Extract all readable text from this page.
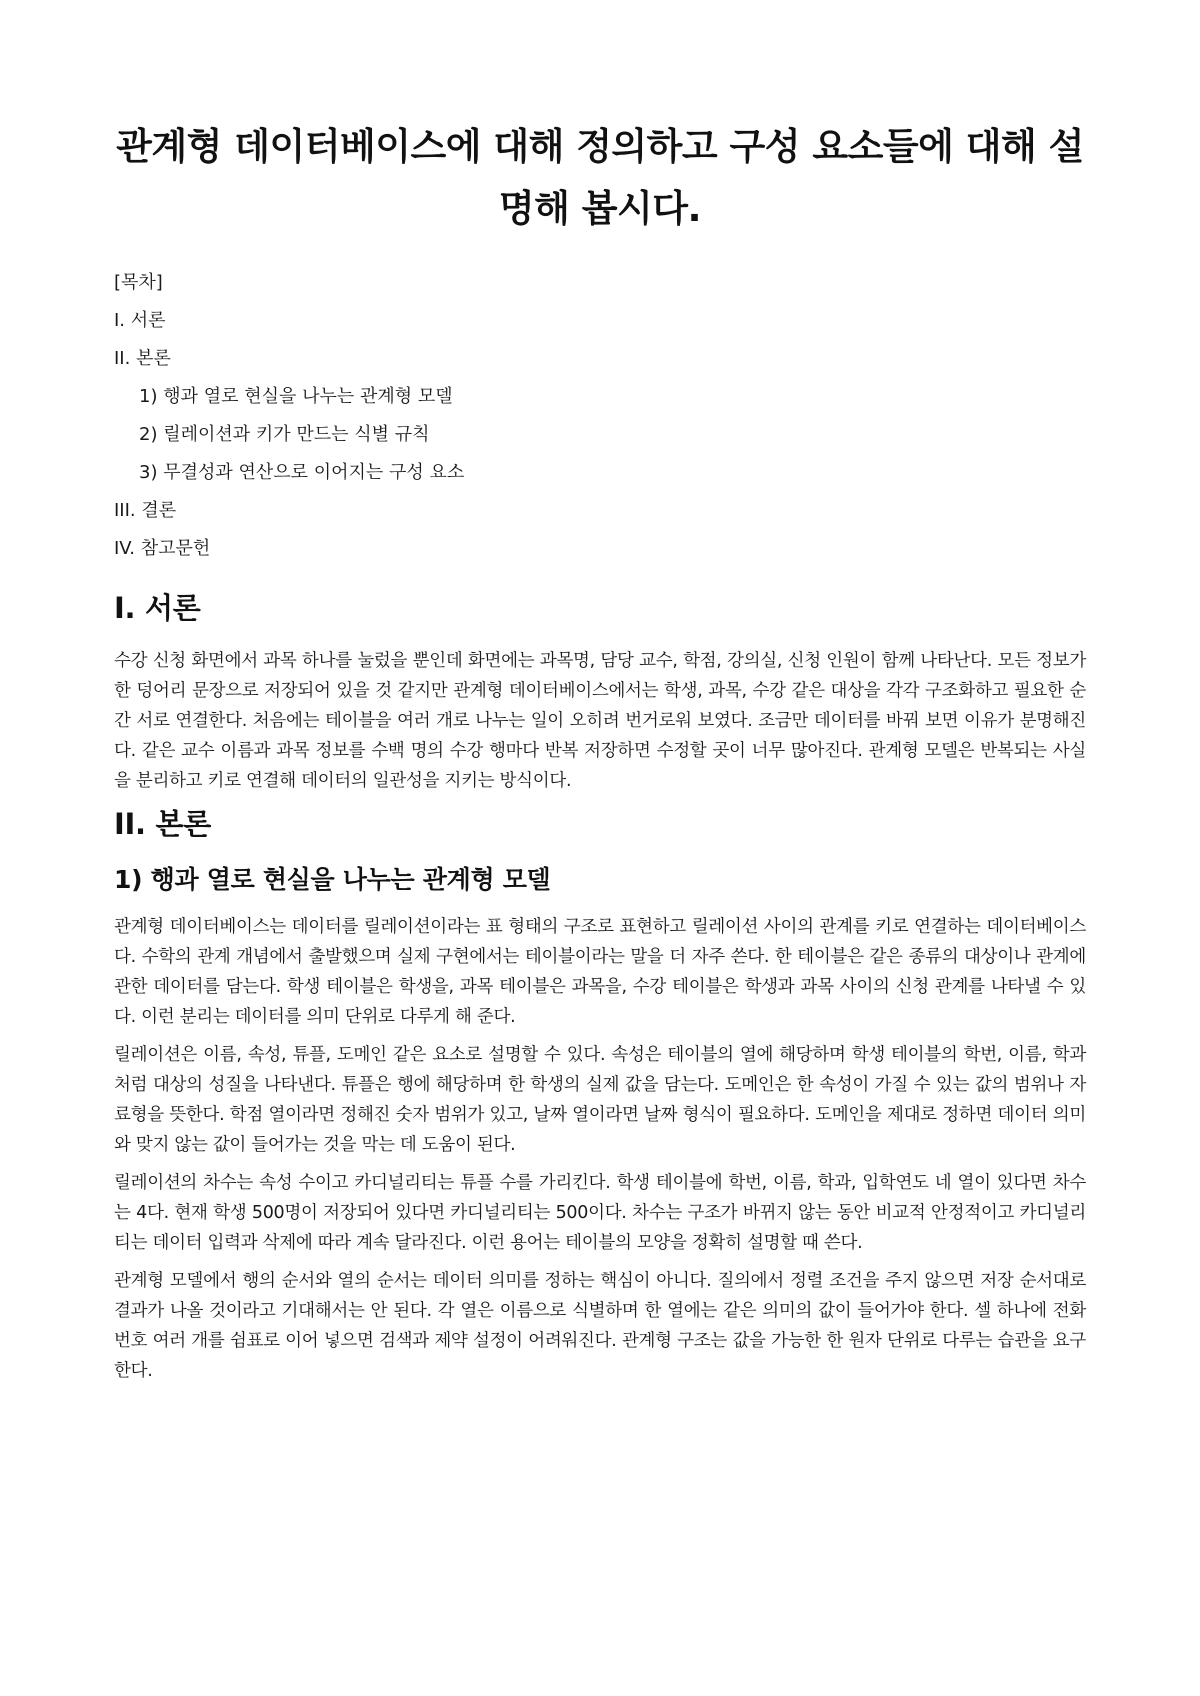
관계형 데이터베이스에 대해 정의하고 구성 요소들에 대해 설명해 봅시다.
[목차]
I. 서론
II. 본론
1) 행과 열로 현실을 나누는 관계형 모델
2) 릴레이션과 키가 만드는 식별 규칙
3) 무결성과 연산으로 이어지는 구성 요소
III. 결론
IV. 참고문헌
I. 서론

수강 신청 화면에서 과목 하나를 눌렀을 뿐인데 화면에는 과목명, 담당 교수, 학점, 강의실, 신청 인원이 함께 나타난다. 모든 정보가 한 덩어리 문장으로 저장되어 있을 것 같지만 관계형 데이터베이스에서는 학생, 과목, 수강 같은 대상을 각각 구조화하고 필요한 순간 서로 연결한다. 처음에는 테이블을 여러 개로 나누는 일이 오히려 번거로워 보였다. 조금만 데이터를 바꿔 보면 이유가 분명해진다. 같은 교수 이름과 과목 정보를 수백 명의 수강 행마다 반복 저장하면 수정할 곳이 너무 많아진다. 관계형 모델은 반복되는 사실을 분리하고 키로 연결해 데이터의 일관성을 지키는 방식이다.

II. 본론
1) 행과 열로 현실을 나누는 관계형 모델

관계형 데이터베이스는 데이터를 릴레이션이라는 표 형태의 구조로 표현하고 릴레이션 사이의 관계를 키로 연결하는 데이터베이스다. 수학의 관계 개념에서 출발했으며 실제 구현에서는 테이블이라는 말을 더 자주 쓴다. 한 테이블은 같은 종류의 대상이나 관계에 관한 데이터를 담는다. 학생 테이블은 학생을, 과목 테이블은 과목을, 수강 테이블은 학생과 과목 사이의 신청 관계를 나타낼 수 있다. 이런 분리는 데이터를 의미 단위로 다루게 해 준다.

릴레이션은 이름, 속성, 튜플, 도메인 같은 요소로 설명할 수 있다. 속성은 테이블의 열에 해당하며 학생 테이블의 학번, 이름, 학과처럼 대상의 성질을 나타낸다. 튜플은 행에 해당하며 한 학생의 실제 값을 담는다. 도메인은 한 속성이 가질 수 있는 값의 범위나 자료형을 뜻한다. 학점 열이라면 정해진 숫자 범위가 있고, 날짜 열이라면 날짜 형식이 필요하다. 도메인을 제대로 정하면 데이터 의미와 맞지 않는 값이 들어가는 것을 막는 데 도움이 된다.

릴레이션의 차수는 속성 수이고 카디널리티는 튜플 수를 가리킨다. 학생 테이블에 학번, 이름, 학과, 입학연도 네 열이 있다면 차수는 4다. 현재 학생 500명이 저장되어 있다면 카디널리티는 500이다. 차수는 구조가 바뀌지 않는 동안 비교적 안정적이고 카디널리티는 데이터 입력과 삭제에 따라 계속 달라진다. 이런 용어는 테이블의 모양을 정확히 설명할 때 쓴다.

관계형 모델에서 행의 순서와 열의 순서는 데이터 의미를 정하는 핵심이 아니다. 질의에서 정렬 조건을 주지 않으면 저장 순서대로 결과가 나올 것이라고 기대해서는 안 된다. 각 열은 이름으로 식별하며 한 열에는 같은 의미의 값이 들어가야 한다. 셀 하나에 전화번호 여러 개를 쉼표로 이어 넣으면 검색과 제약 설정이 어려워진다. 관계형 구조는 값을 가능한 한 원자 단위로 다루는 습관을 요구한다.
